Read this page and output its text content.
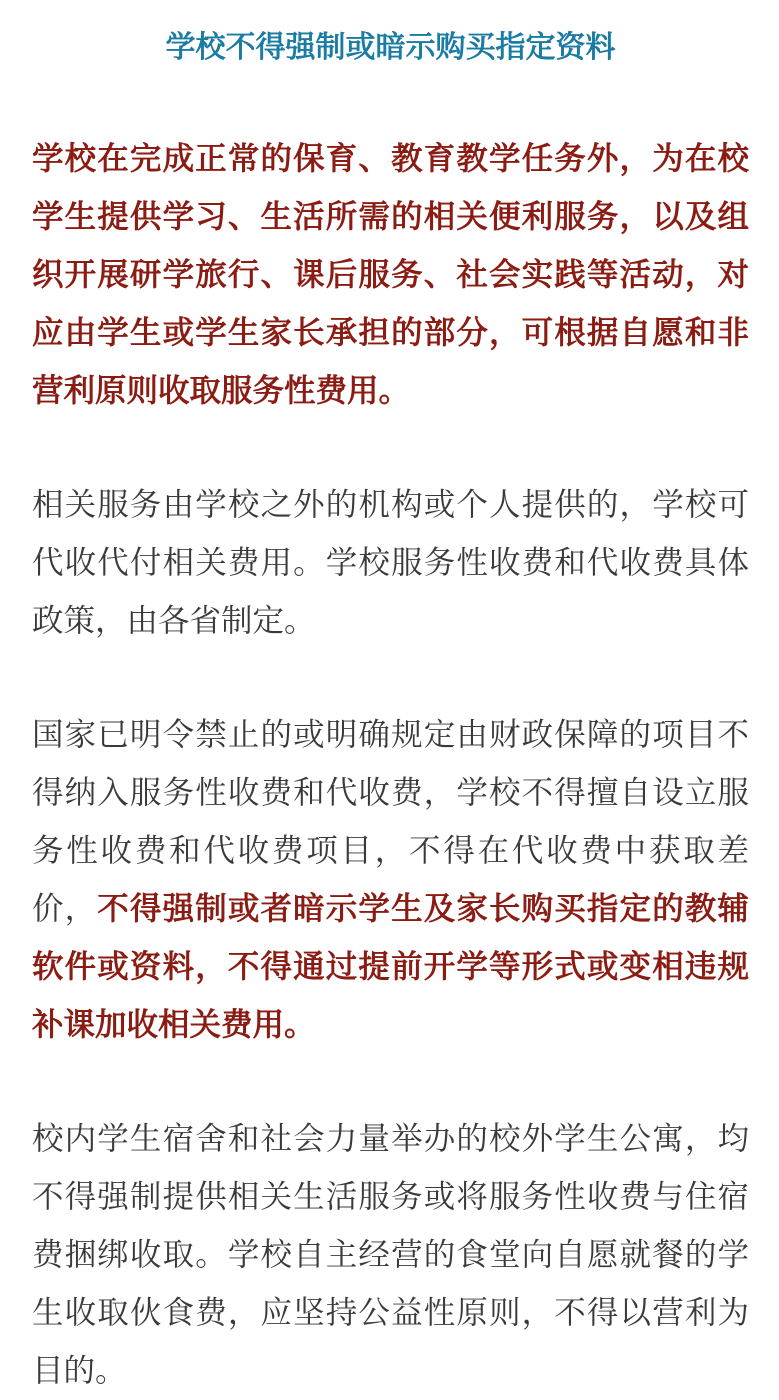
学校不得强制或暗示购买指定资料

学校在完成正常的保育、教育教学任务外，为在校学生提供学习、生活所需的相关便利服务，以及组织开展研学旅行、课后服务、社会实践等活动，对应由学生或学生家长承担的部分，可根据自愿和非营利原则收取服务性费用。

相关服务由学校之外的机构或个人提供的，学校可代收代付相关费用。学校服务性收费和代收费具体政策，由各省制定。

国家已明令禁止的或明确规定由财政保障的项目不得纳入服务性收费和代收费，学校不得擅自设立服务性收费和代收费项目，不得在代收费中获取差价，不得强制或者暗示学生及家长购买指定的教辅软件或资料，不得通过提前开学等形式或变相违规补课加收相关费用。

校内学生宿舍和社会力量举办的校外学生公寓，均不得强制提供相关生活服务或将服务性收费与住宿费捆绑收取。学校自主经营的食堂向自愿就餐的学生收取伙食费，应坚持公益性原则，不得以营利为目的。
